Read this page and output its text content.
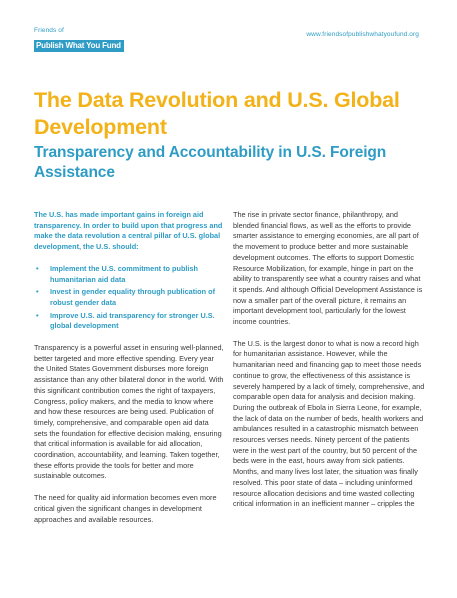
Friends of
Publish What You Fund
www.friendsofpublishwhatyoufund.org
The Data Revolution and U.S. Global Development
Transparency and Accountability in U.S. Foreign Assistance

The U.S. has made important gains in foreign aid transparency. In order to build upon that progress and make the data revolution a central pillar of U.S. global development, the U.S. should:

• Implement the U.S. commitment to publish humanitarian aid data
• Invest in gender equality through publication of robust gender data
• Improve U.S. aid transparency for stronger U.S. global development

Transparency is a powerful asset in ensuring well-planned, better targeted and more effective spending. Every year the United States Government disburses more foreign assistance than any other bilateral donor in the world. With this significant contribution comes the right of taxpayers, Congress, policy makers, and the media to know where and how these resources are being used. Publication of timely, comprehensive, and comparable open aid data sets the foundation for effective decision making, ensuring that critical information is available for aid allocation, coordination, accountability, and learning. Taken together, these efforts provide the tools for better and more sustainable outcomes.

The need for quality aid information becomes even more critical given the significant changes in development approaches and available resources.

The rise in private sector finance, philanthropy, and blended financial flows, as well as the efforts to provide smarter assistance to emerging economies, are all part of the movement to produce better and more sustainable development outcomes. The efforts to support Domestic Resource Mobilization, for example, hinge in part on the ability to transparently see what a country raises and what it spends. And although Official Development Assistance is now a smaller part of the overall picture, it remains an important development tool, particularly for the lowest income countries.

The U.S. is the largest donor to what is now a record high for humanitarian assistance. However, while the humanitarian need and financing gap to meet those needs continue to grow, the effectiveness of this assistance is severely hampered by a lack of timely, comprehensive, and comparable open data for analysis and decision making. During the outbreak of Ebola in Sierra Leone, for example, the lack of data on the number of beds, health workers and ambulances resulted in a catastrophic mismatch between resources verses needs. Ninety percent of the patients were in the west part of the country, but 50 percent of the beds were in the east, hours away from sick patients. Months, and many lives lost later, the situation was finally resolved. This poor state of data – including uninformed resource allocation decisions and time wasted collecting critical information in an inefficient manner – cripples the
